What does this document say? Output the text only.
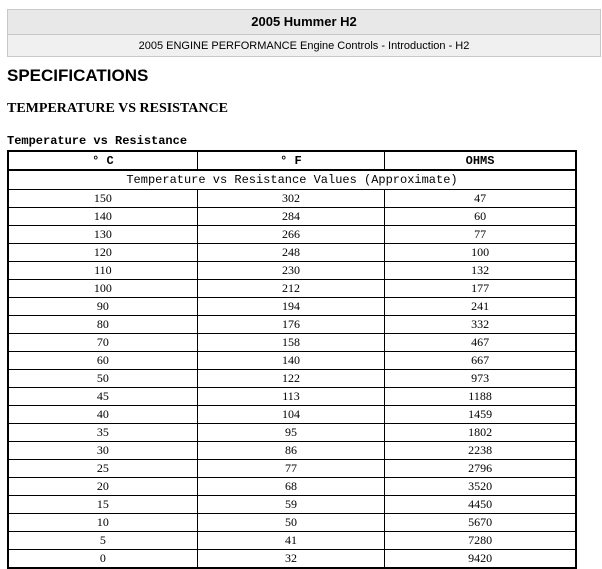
2005 Hummer H2
2005 ENGINE PERFORMANCE Engine Controls - Introduction - H2
SPECIFICATIONS
TEMPERATURE VS RESISTANCE
Temperature vs Resistance
° C	° F	OHMS
Temperature vs Resistance Values (Approximate)		
150	302	47
140	284	60
130	266	77
120	248	100
110	230	132
100	212	177
90	194	241
80	176	332
70	158	467
60	140	667
50	122	973
45	113	1188
40	104	1459
35	95	1802
30	86	2238
25	77	2796
20	68	3520
15	59	4450
10	50	5670
5	41	7280
0	32	9420
